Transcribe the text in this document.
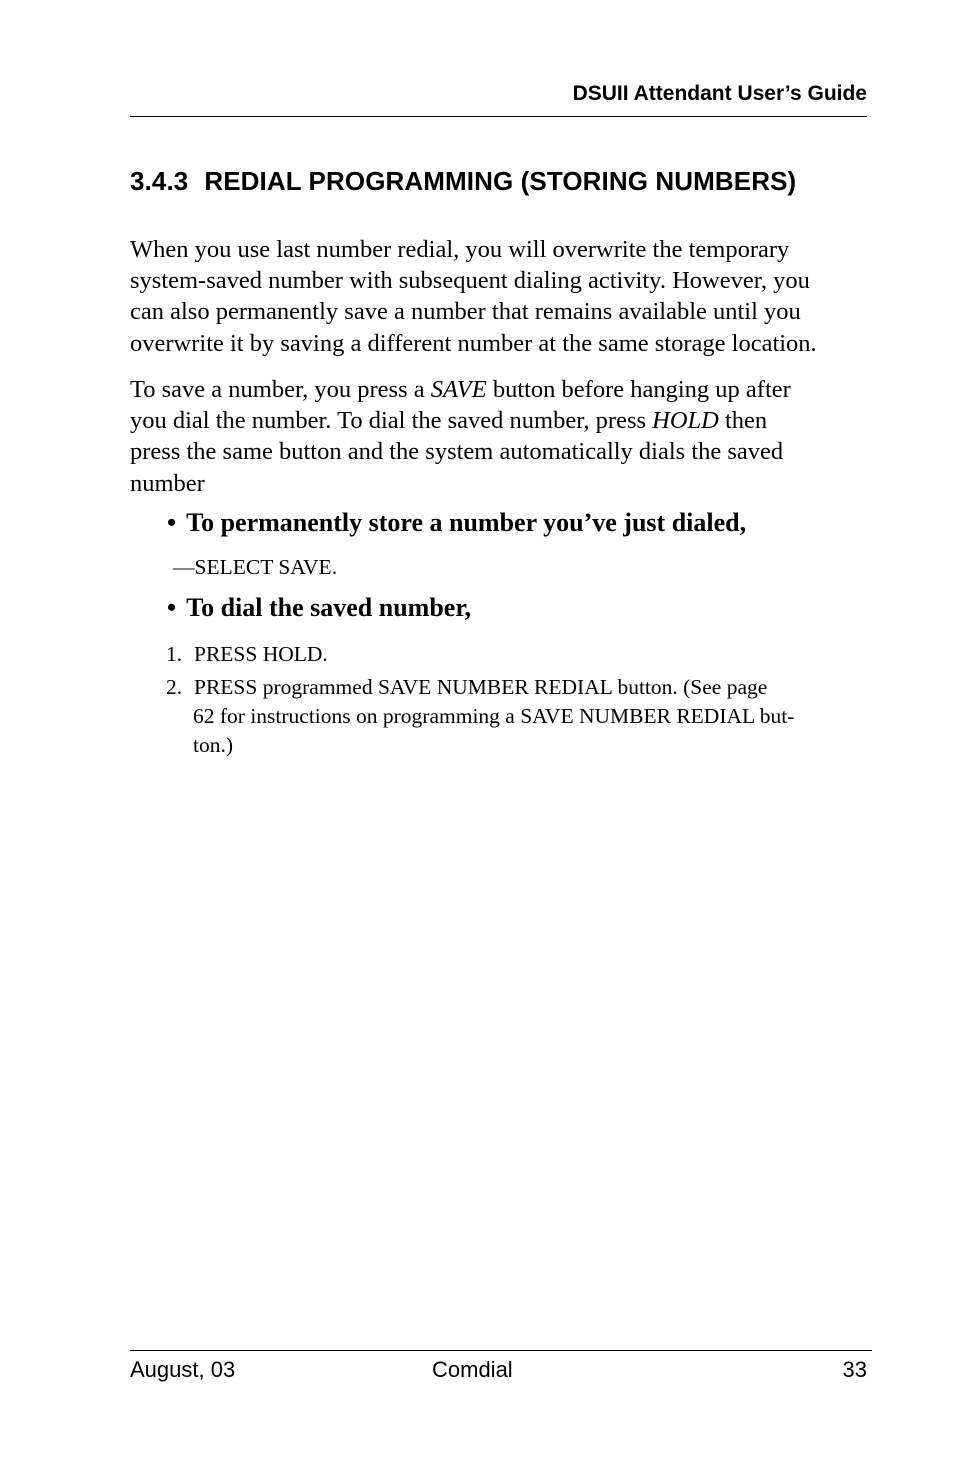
DSUII Attendant User’s Guide
3.4.3 REDIAL PROGRAMMING (STORING NUMBERS)

When you use last number redial, you will overwrite the temporary
system-saved number with subsequent dialing activity. However, you
can also permanently save a number that remains available until you
overwrite it by saving a different number at the same storage location.

To save a number, you press a SAVE button before hanging up after
you dial the number. To dial the saved number, press HOLD then
press the same button and the system automatically dials the saved
number

• To permanently store a number you’ve just dialed,
—SELECT SAVE.
• To dial the saved number,
1. PRESS HOLD.
2. PRESS programmed SAVE NUMBER REDIAL button. (See page
62 for instructions on programming a SAVE NUMBER REDIAL but-
ton.)
August, 03	Comdial	33
